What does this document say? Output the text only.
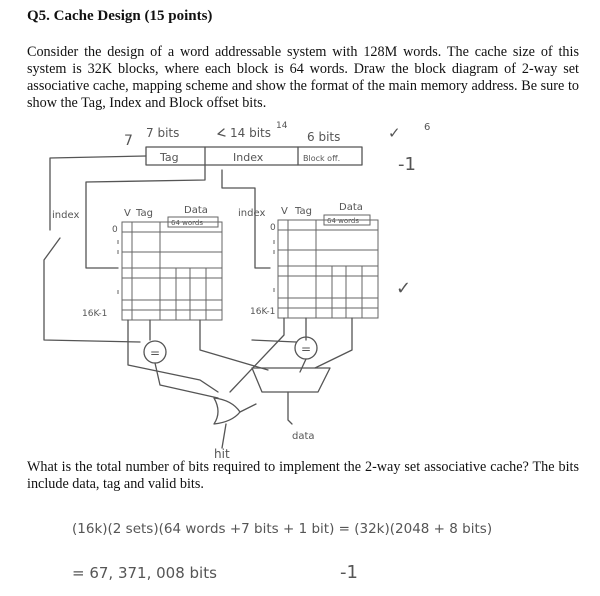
Q5. Cache Design (15 points)
Consider the design of a word addressable system with 128M words. The cache size of this system is 32K blocks, where each block is 64 words. Draw the block diagram of 2-way set associative cache, mapping scheme and show the format of the main memory address. Be sure to show the Tag, Index and Block offset bits.
What is the total number of bits required to implement the 2-way set associative cache? The bits include data, tag and valid bits.
Tag	Index	Block off.
7 bits	14 bits	6 bits
7
14	6
✓
-1
index	V Tag	Data
64 words
0
16K-1
=
index V Tag	Data
64 words
0
16K-1
=
data
hit
✓
(16k)(2 sets)(64 words +7 bits + 1 bit) = (32k)(2048 + 8 bits)
= 67, 371, 008 bits	-1
